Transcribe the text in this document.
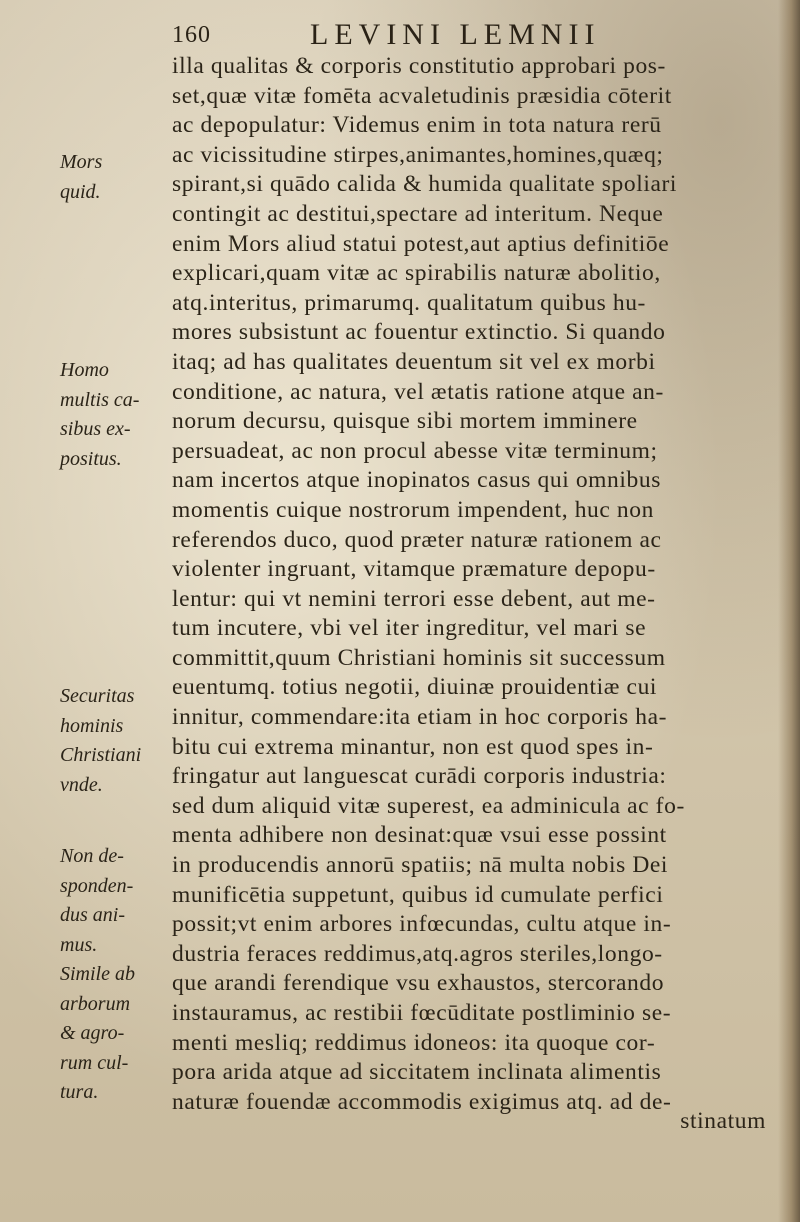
160	LEVINI LEMNII
Mors
quid.
Homo
multis ca-
sibus ex-
positus.
Securitas
hominis
Christiani
vnde.
Non de-
sponden-
dus ani-
mus.
Simile ab
arborum
& agro-
rum cul-
tura.
illa qualitas & corporis constitutio approbari pos-
set,quæ vitæ fomēta acvaletudinis præsidia cōterit
ac depopulatur: Videmus enim in tota natura rerū
ac vicissitudine stirpes,animantes,homines,quæq;
spirant,si quādo calida & humida qualitate spoliari
contingit ac destitui,spectare ad interitum. Neque
enim Mors aliud statui potest,aut aptius definitiōe
explicari,quam vitæ ac spirabilis naturæ abolitio,
atq.interitus, primarumq. qualitatum quibus hu-
mores subsistunt ac fouentur extinctio. Si quando
itaq; ad has qualitates deuentum sit vel ex morbi
conditione, ac natura, vel ætatis ratione atque an-
norum decursu, quisque sibi mortem imminere
persuadeat, ac non procul abesse vitæ terminum;
nam incertos atque inopinatos casus qui omnibus
momentis cuique nostrorum impendent, huc non
referendos duco, quod præter naturæ rationem ac
violenter ingruant, vitamque præmature depopu-
lentur: qui vt nemini terrori esse debent, aut me-
tum incutere, vbi vel iter ingreditur, vel mari se
committit,quum Christiani hominis sit successum
euentumq. totius negotii, diuinæ prouidentiæ cui
innitur, commendare:ita etiam in hoc corporis ha-
bitu cui extrema minantur, non est quod spes in-
fringatur aut languescat curādi corporis industria:
sed dum aliquid vitæ superest, ea adminicula ac fo-
menta adhibere non desinat:quæ vsui esse possint
in producendis annorū spatiis; nā multa nobis Dei
munificētia suppetunt, quibus id cumulate perfici
possit;vt enim arbores infœcundas, cultu atque in-
dustria feraces reddimus,atq.agros steriles,longo-
que arandi ferendique vsu exhaustos, stercorando
instauramus, ac restibii fœcūditate postliminio se-
menti mesliq; reddimus idoneos: ita quoque cor-
pora arida atque ad siccitatem inclinata alimentis
naturæ fouendæ accommodis exigimus atq. ad de-
stinatum
